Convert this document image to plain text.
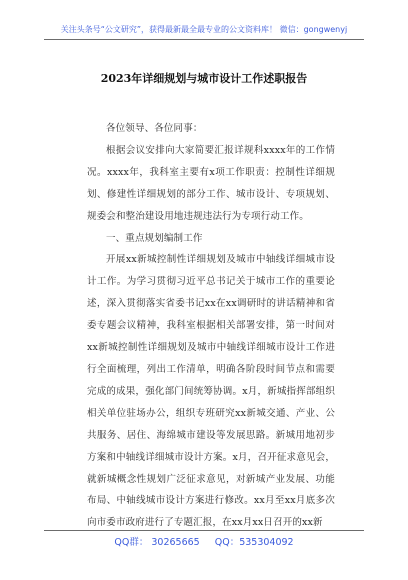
关注头条号“公文研究”，获得最新最全最专业的公文资料库！ 微信：gongwenyj
2023年详细规划与城市设计工作述职报告

各位领导、各位同事：

根据会议安排向大家简要汇报详规科xxxx年的工作情况。xxxx年，我科室主要有x项工作职责：控制性详细规划、修建性详细规划的部分工作、城市设计、专项规划、规委会和整治建设用地违规违法行为专项行动工作。

一、重点规划编制工作

开展xx新城控制性详细规划及城市中轴线详细城市设计工作。为学习贯彻习近平总书记关于城市工作的重要论述，深入贯彻落实省委书记xx在xx调研时的讲话精神和省委专题会议精神，我科室根据相关部署安排，第一时间对xx新城控制性详细规划及城市中轴线详细城市设计工作进行全面梳理，列出工作清单，明确各阶段时间节点和需要完成的成果，强化部门间统筹协调。x月，新城指挥部组织相关单位驻场办公，组织专班研究xx新城交通、产业、公共服务、居住、海绵城市建设等发展思路。新城用地初步方案和中轴线详细城市设计方案。x月，召开征求意见会，就新城概念性规划广泛征求意见，对新城产业发展、功能布局、中轴线城市设计方案进行修改。xx月至xx月底多次向市委市政府进行了专题汇报，在xx月xx日召开的xx新

QQ群： 30265665 QQ：535304092
